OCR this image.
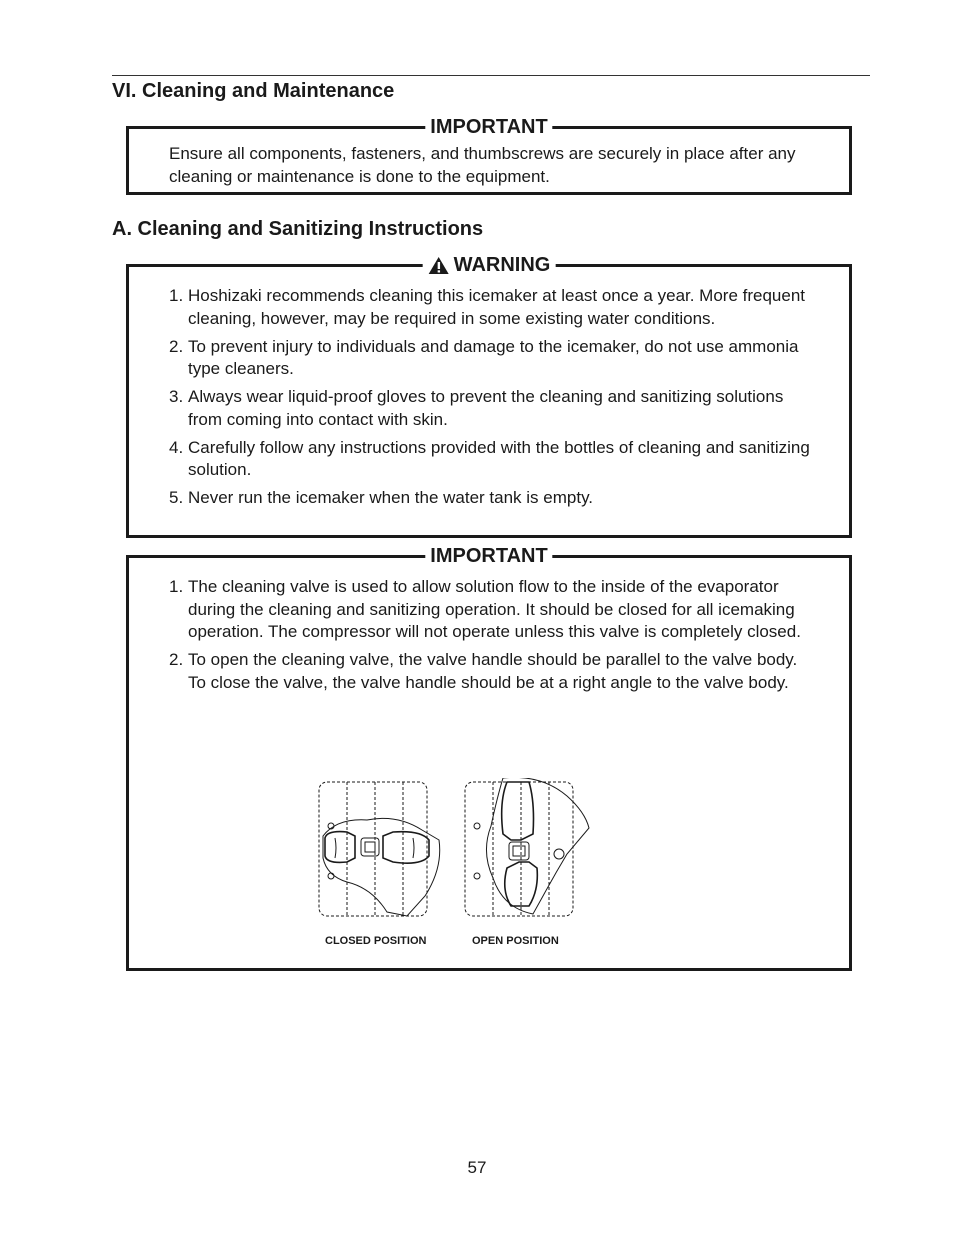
VI. Cleaning and Maintenance
IMPORTANT
Ensure all components, fasteners, and thumbscrews are securely in place after any cleaning or maintenance is done to the equipment.
A. Cleaning and Sanitizing Instructions
WARNING
1. Hoshizaki recommends cleaning this icemaker at least once a year. More frequent cleaning, however, may be required in some existing water conditions.
2. To prevent injury to individuals and damage to the icemaker, do not use ammonia type cleaners.
3. Always wear liquid-proof gloves to prevent the cleaning and sanitizing solutions from coming into contact with skin.
4. Carefully follow any instructions provided with the bottles of cleaning and sanitizing solution.
5. Never run the icemaker when the water tank is empty.
IMPORTANT
1. The cleaning valve is used to allow solution flow to the inside of the evaporator during the cleaning and sanitizing operation. It should be closed for all icemaking operation. The compressor will not operate unless this valve is completely closed.
2. To open the cleaning valve, the valve handle should be parallel to the valve body. To close the valve, the valve handle should be at a right angle to the valve body.
CLOSED POSITION	OPEN POSITION
57
